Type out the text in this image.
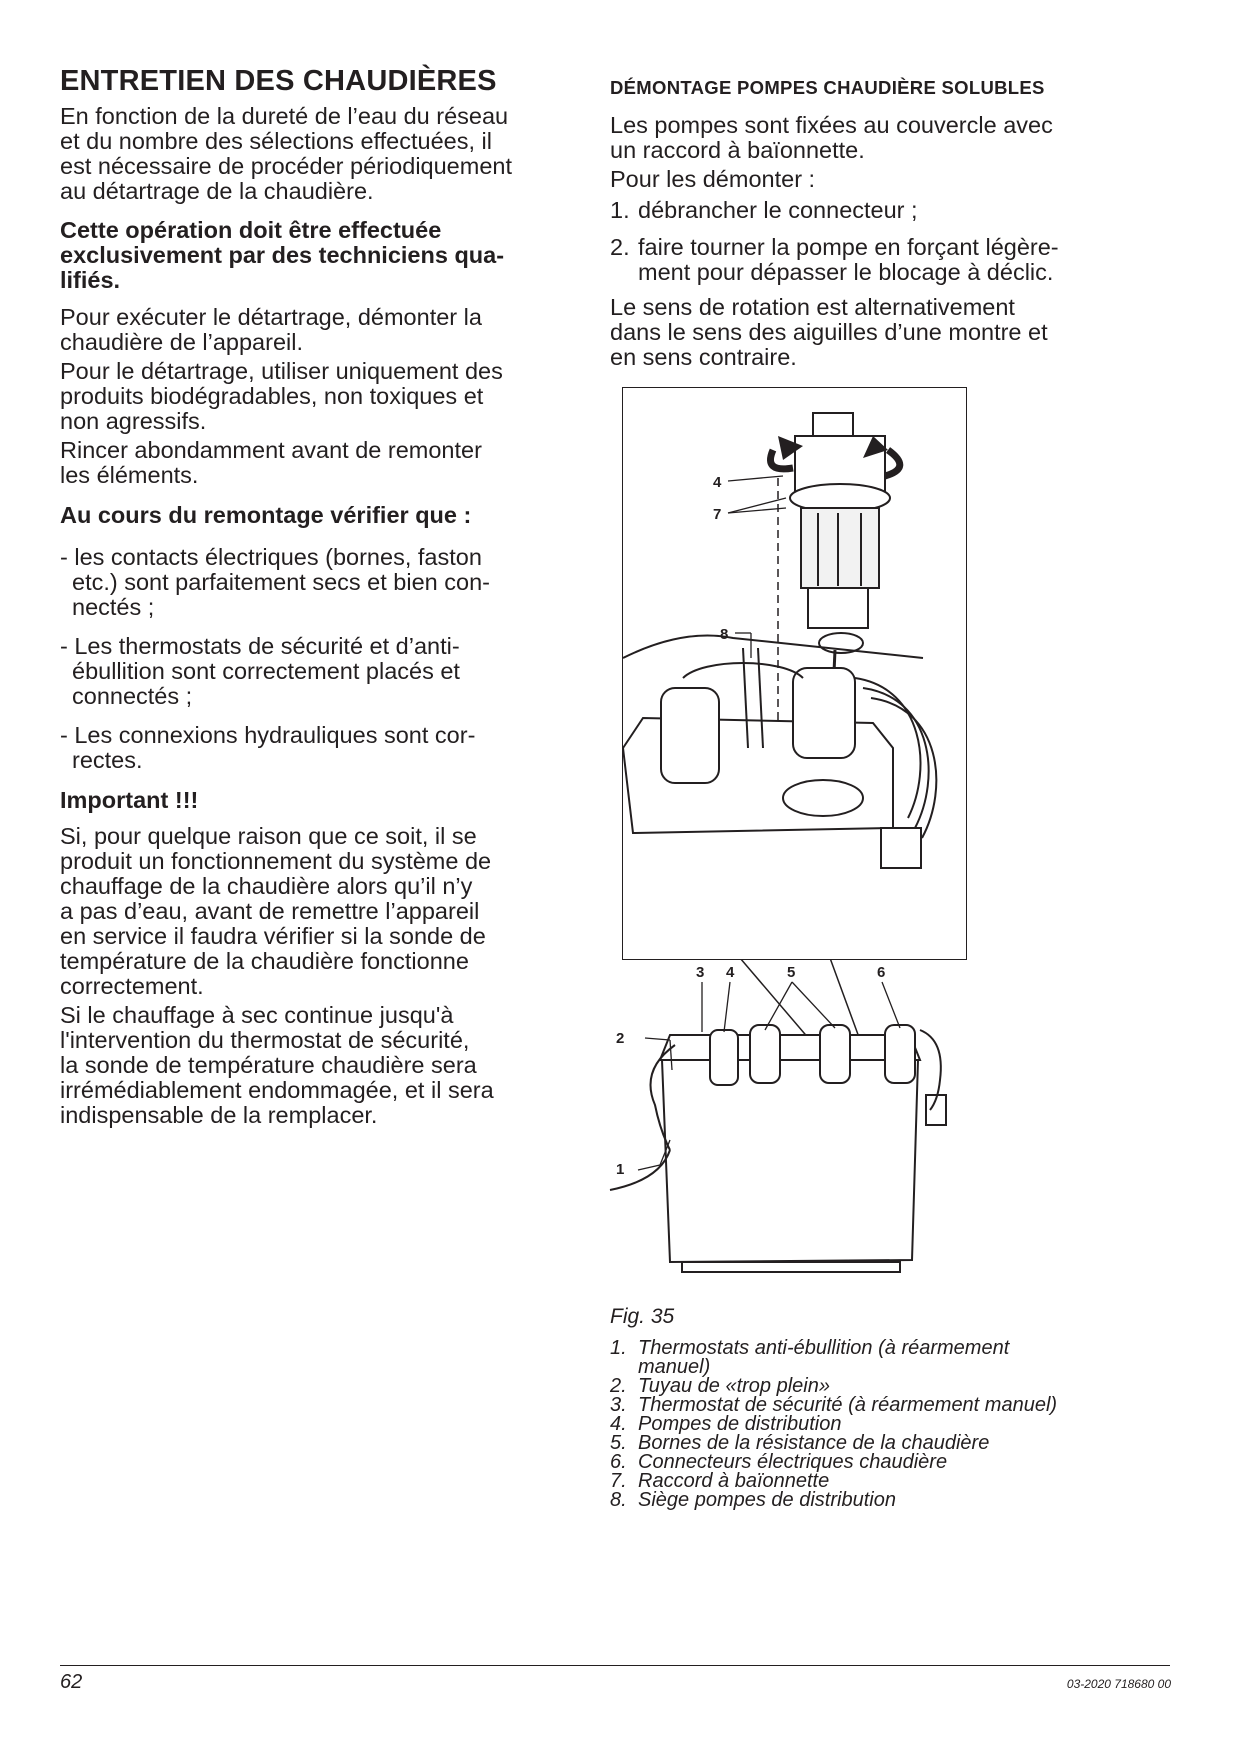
ENTRETIEN DES CHAUDIÈRES

En fonction de la dureté de l’eau du réseau
et du nombre des sélections effectuées, il
est nécessaire de procéder périodiquement
au détartrage de la chaudière.

Cette opération doit être effectuée
exclusivement par des techniciens qua-
lifiés.

Pour exécuter le détartrage, démonter la
chaudière de l’appareil.

Pour le détartrage, utiliser uniquement des
produits biodégradables, non toxiques et
non agressifs.

Rincer abondamment avant de remonter
les éléments.

Au cours du remontage vérifier que :
- les contacts électriques (bornes, faston
etc.) sont parfaitement secs et bien con-
nectés ;
- Les thermostats de sécurité et d’anti-
ébullition sont correctement placés et
connectés ;
- Les connexions hydrauliques sont cor-
rectes.
Important !!!

Si, pour quelque raison que ce soit, il se
produit un fonctionnement du système de
chauffage de la chaudière alors qu’il n’y
a pas d’eau, avant de remettre l’appareil
en service il faudra vérifier si la sonde de
température de la chaudière fonctionne
correctement.

Si le chauffage à sec continue jusqu'à
l'intervention du thermostat de sécurité,
la sonde de température chaudière sera
irrémédiablement endommagée, et il sera
indispensable de la remplacer.

DÉMONTAGE POMPES CHAUDIÈRE SOLUBLES

Les pompes sont fixées au couvercle avec
un raccord à baïonnette.

Pour les démonter :

1. débrancher le connecteur ;
2. faire tourner la pompe en forçant légère-
ment pour dépasser le blocage à déclic.

Le sens de rotation est alternativement
dans le sens des aiguilles d’une montre et
en sens contraire.

4
7
8
3 4	5	6
2
1
Fig. 35
1. Thermostats anti-ébullition (à réarmement
manuel)
2. Tuyau de «trop plein»
3. Thermostat de sécurité (à réarmement manuel)
4. Pompes de distribution
5. Bornes de la résistance de la chaudière
6. Connecteurs électriques chaudière
7. Raccord à baïonnette
8. Siège pompes de distribution
62	03-2020 718680 00
